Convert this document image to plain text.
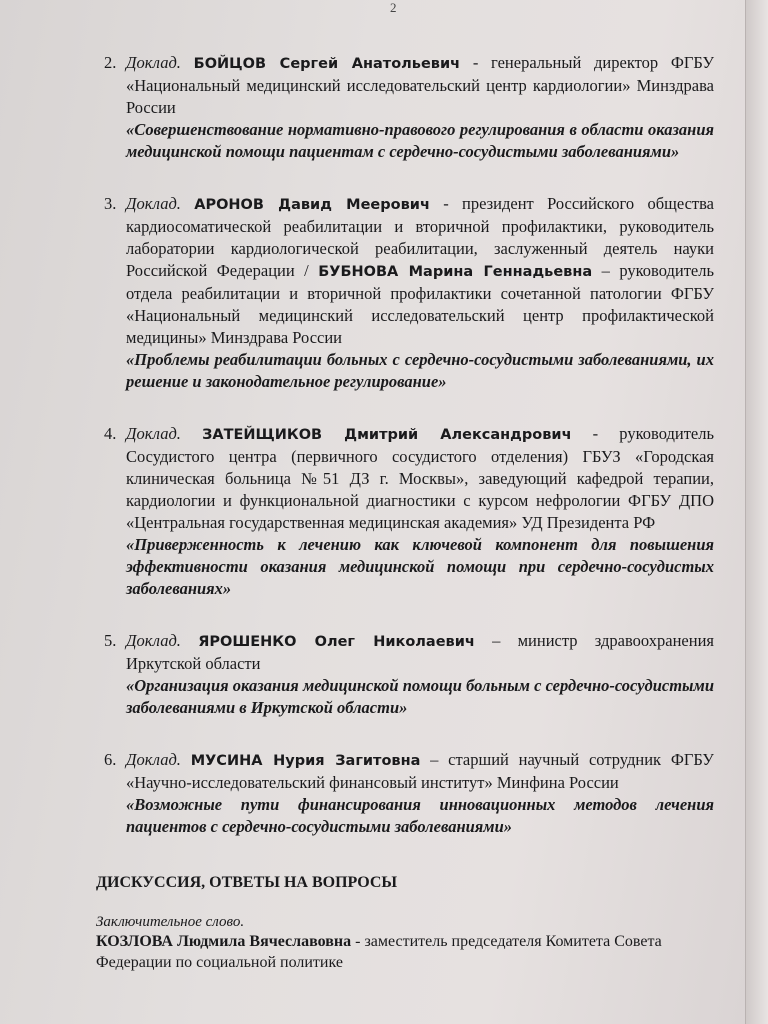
2
2. Доклад. БОЙЦОВ Сергей Анатольевич - генеральный директор ФГБУ «Национальный медицинский исследовательский центр кардиологии» Минздрава России
«Совершенствование нормативно-правового регулирования в области оказания медицинской помощи пациентам с сердечно-сосудистыми заболеваниями»
3. Доклад. АРОНОВ Давид Меерович - президент Российского общества кардиосоматической реабилитации и вторичной профилактики, руководитель лаборатории кардиологической реабилитации, заслуженный деятель науки Российской Федерации / БУБНОВА Марина Геннадьевна – руководитель отдела реабилитации и вторичной профилактики сочетанной патологии ФГБУ «Национальный медицинский исследовательский центр профилактической медицины» Минздрава России
«Проблемы реабилитации больных с сердечно-сосудистыми заболеваниями, их решение и законодательное регулирование»
4. Доклад. ЗАТЕЙЩИКОВ Дмитрий Александрович - руководитель Сосудистого центра (первичного сосудистого отделения) ГБУЗ «Городская клиническая больница №51 ДЗ г. Москвы», заведующий кафедрой терапии, кардиологии и функциональной диагностики с курсом нефрологии ФГБУ ДПО «Центральная государственная медицинская академия» УД Президента РФ
«Приверженность к лечению как ключевой компонент для повышения эффективности оказания медицинской помощи при сердечно-сосудистых заболеваниях»
5. Доклад. ЯРОШЕНКО Олег Николаевич – министр здравоохранения Иркутской области
«Организация оказания медицинской помощи больным с сердечно-сосудистыми заболеваниями в Иркутской области»
6. Доклад. МУСИНА Нурия Загитовна – старший научный сотрудник ФГБУ «Научно-исследовательский финансовый институт» Минфина России
«Возможные пути финансирования инновационных методов лечения пациентов с сердечно-сосудистыми заболеваниями»
ДИСКУССИЯ, ОТВЕТЫ НА ВОПРОСЫ
Заключительное слово.
КОЗЛОВА Людмила Вячеславовна - заместитель председателя Комитета Совета Федерации по социальной политике
